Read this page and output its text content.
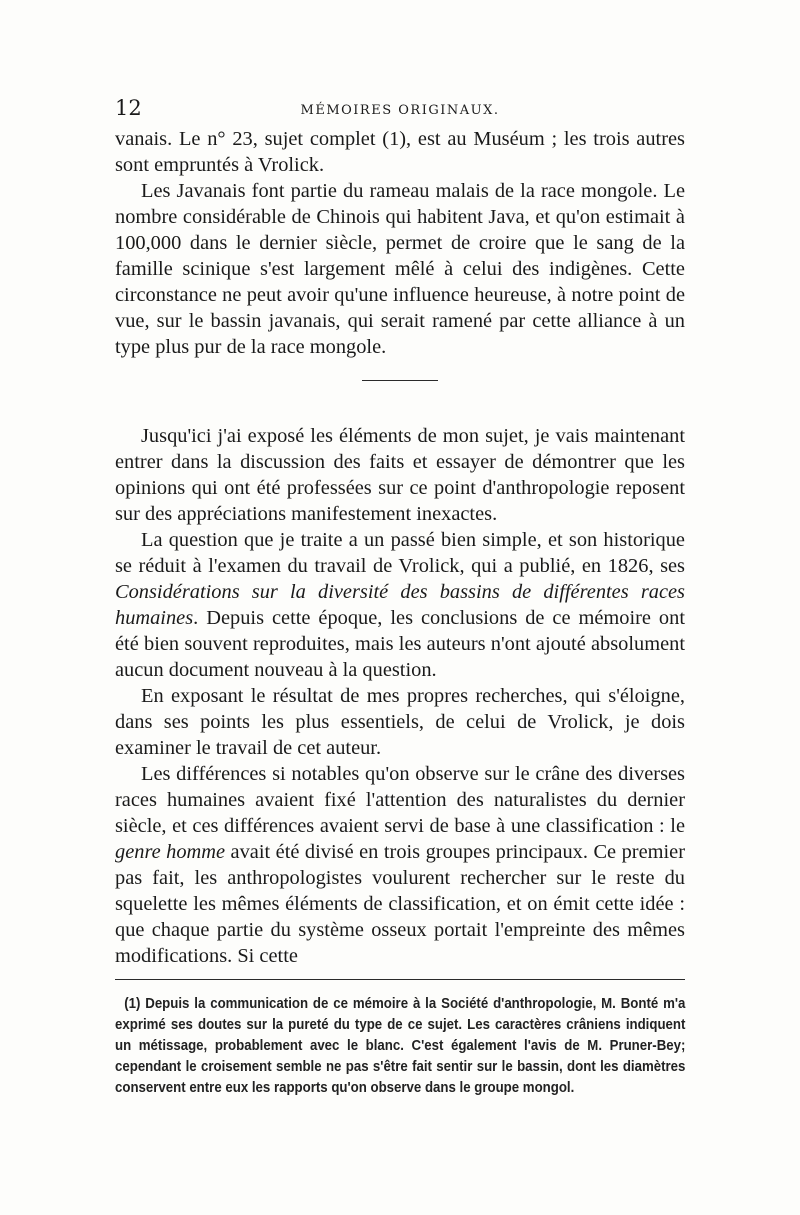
12	MÉMOIRES ORIGINAUX.

vanais. Le n° 23, sujet complet (1), est au Muséum ; les trois autres sont empruntés à Vrolick.

Les Javanais font partie du rameau malais de la race mongole. Le nombre considérable de Chinois qui habitent Java, et qu'on estimait à 100,000 dans le dernier siècle, permet de croire que le sang de la famille scinique s'est largement mêlé à celui des indigènes. Cette circonstance ne peut avoir qu'une influence heureuse, à notre point de vue, sur le bassin javanais, qui serait ramené par cette alliance à un type plus pur de la race mongole.

Jusqu'ici j'ai exposé les éléments de mon sujet, je vais maintenant entrer dans la discussion des faits et essayer de démontrer que les opinions qui ont été professées sur ce point d'anthropologie reposent sur des appréciations manifestement inexactes.

La question que je traite a un passé bien simple, et son historique se réduit à l'examen du travail de Vrolick, qui a publié, en 1826, ses Considérations sur la diversité des bassins de différentes races humaines. Depuis cette époque, les conclusions de ce mémoire ont été bien souvent reproduites, mais les auteurs n'ont ajouté absolument aucun document nouveau à la question.

En exposant le résultat de mes propres recherches, qui s'éloigne, dans ses points les plus essentiels, de celui de Vrolick, je dois examiner le travail de cet auteur.

Les différences si notables qu'on observe sur le crâne des diverses races humaines avaient fixé l'attention des naturalistes du dernier siècle, et ces différences avaient servi de base à une classification : le genre homme avait été divisé en trois groupes principaux. Ce premier pas fait, les anthropologistes voulurent rechercher sur le reste du squelette les mêmes éléments de classification, et on émit cette idée : que chaque partie du système osseux portait l'empreinte des mêmes modifications. Si cette

(1) Depuis la communication de ce mémoire à la Société d'anthropologie, M. Bonté m'a exprimé ses doutes sur la pureté du type de ce sujet. Les caractères crâniens indiquent un métissage, probablement avec le blanc. C'est également l'avis de M. Pruner-Bey; cependant le croisement semble ne pas s'être fait sentir sur le bassin, dont les diamètres conservent entre eux les rapports qu'on observe dans le groupe mongol.
